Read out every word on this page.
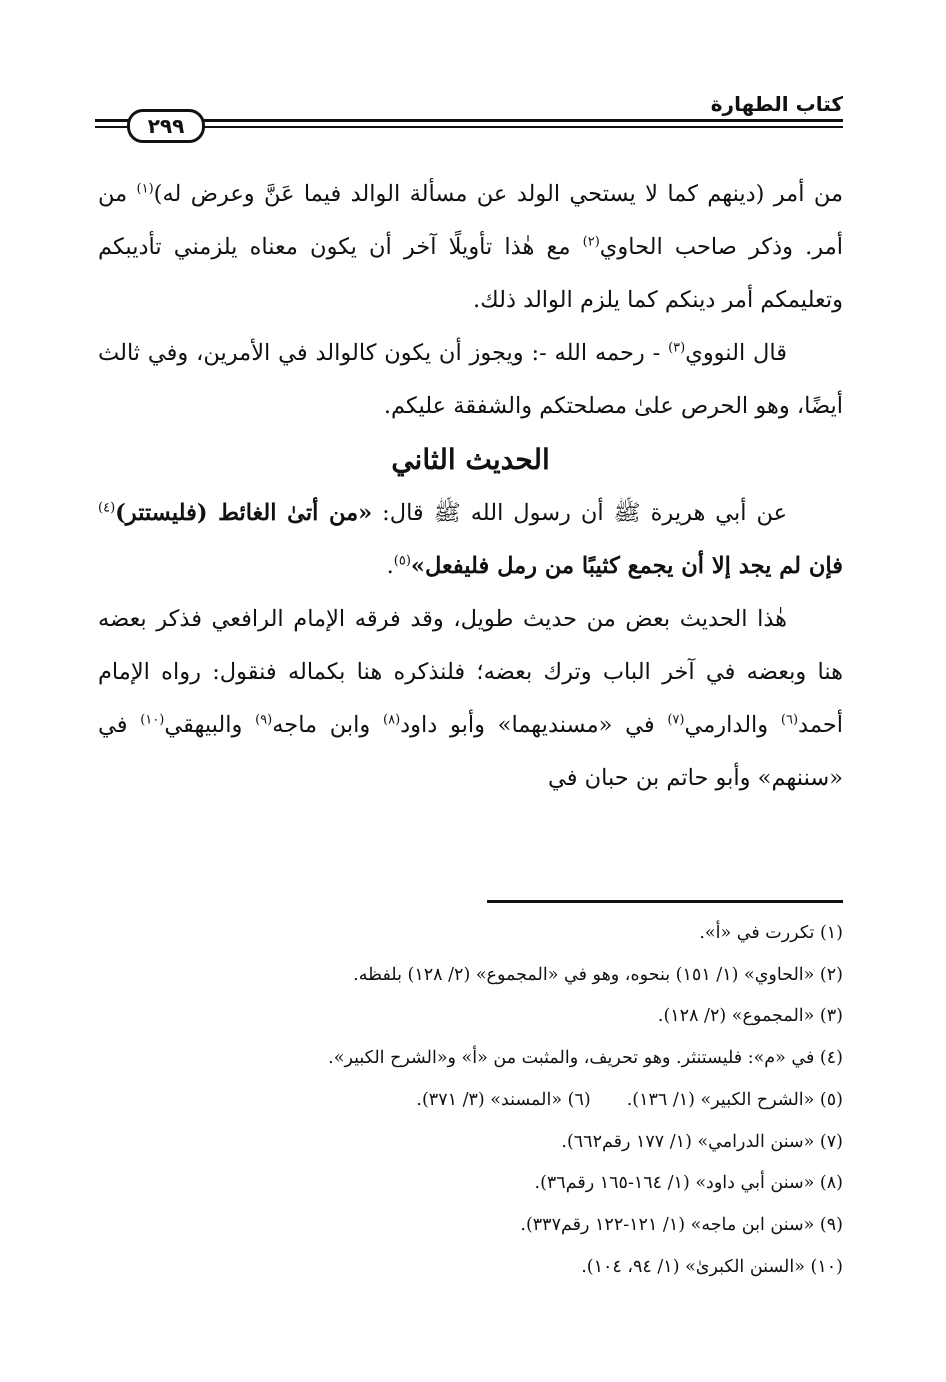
كتاب الطهارة
٢٩٩

من أمر (دينهم كما لا يستحي الولد عن مسألة الوالد فيما عَنَّ وعرض له)$^{(١)}$ من أمر. وذكر صاحب الحاوي$^{(٢)}$ مع هٰذا تأويلًا آخر أن يكون معناه يلزمني تأديبكم وتعليمكم أمر دينكم كما يلزم الوالد ذلك.

قال النووي$^{(٣)}$ - رحمه الله -: ويجوز أن يكون كالوالد في الأمرين، وفي ثالث أيضًا، وهو الحرص علىٰ مصلحتكم والشفقة عليكم.

الحديث الثاني

عن أبي هريرة ﷺ أن رسول الله ﷺ قال: «من أتىٰ الغائط (فليستتر)$^{(٤)}$ فإن لم يجد إلا أن يجمع كثيبًا من رمل فليفعل»$^{(٥)}$.

هٰذا الحديث بعض من حديث طويل، وقد فرقه الإمام الرافعي فذكر بعضه هنا وبعضه في آخر الباب وترك بعضه؛ فلنذكره هنا بكماله فنقول: رواه الإمام أحمد$^{(٦)}$ والدارمي$^{(٧)}$ في «مسنديهما» وأبو داود$^{(٨)}$ وابن ماجه$^{(٩)}$ والبيهقي$^{(١٠)}$ في «سننهم» وأبو حاتم بن حبان في

(١) تكررت في «أ».

(٢) «الحاوي» (١/ ١٥١) بنحوه، وهو في «المجموع» (٢/ ١٢٨) بلفظه.

(٣) «المجموع» (٢/ ١٢٨).

(٤) في «م»: فليستنثر. وهو تحريف، والمثبت من «أ» و«الشرح الكبير».

(٥) «الشرح الكبير» (١/ ١٣٦).(٦) «المسند» (٣/ ٣٧١).

(٧) «سنن الدرامي» (١/ ١٧٧ رقم٦٦٢).

(٨) «سنن أبي داود» (١/ ١٦٤-١٦٥ رقم٣٦).

(٩) «سنن ابن ماجه» (١/ ١٢١-١٢٢ رقم٣٣٧).

(١٠) «السنن الكبرىٰ» (١/ ٩٤، ١٠٤).
